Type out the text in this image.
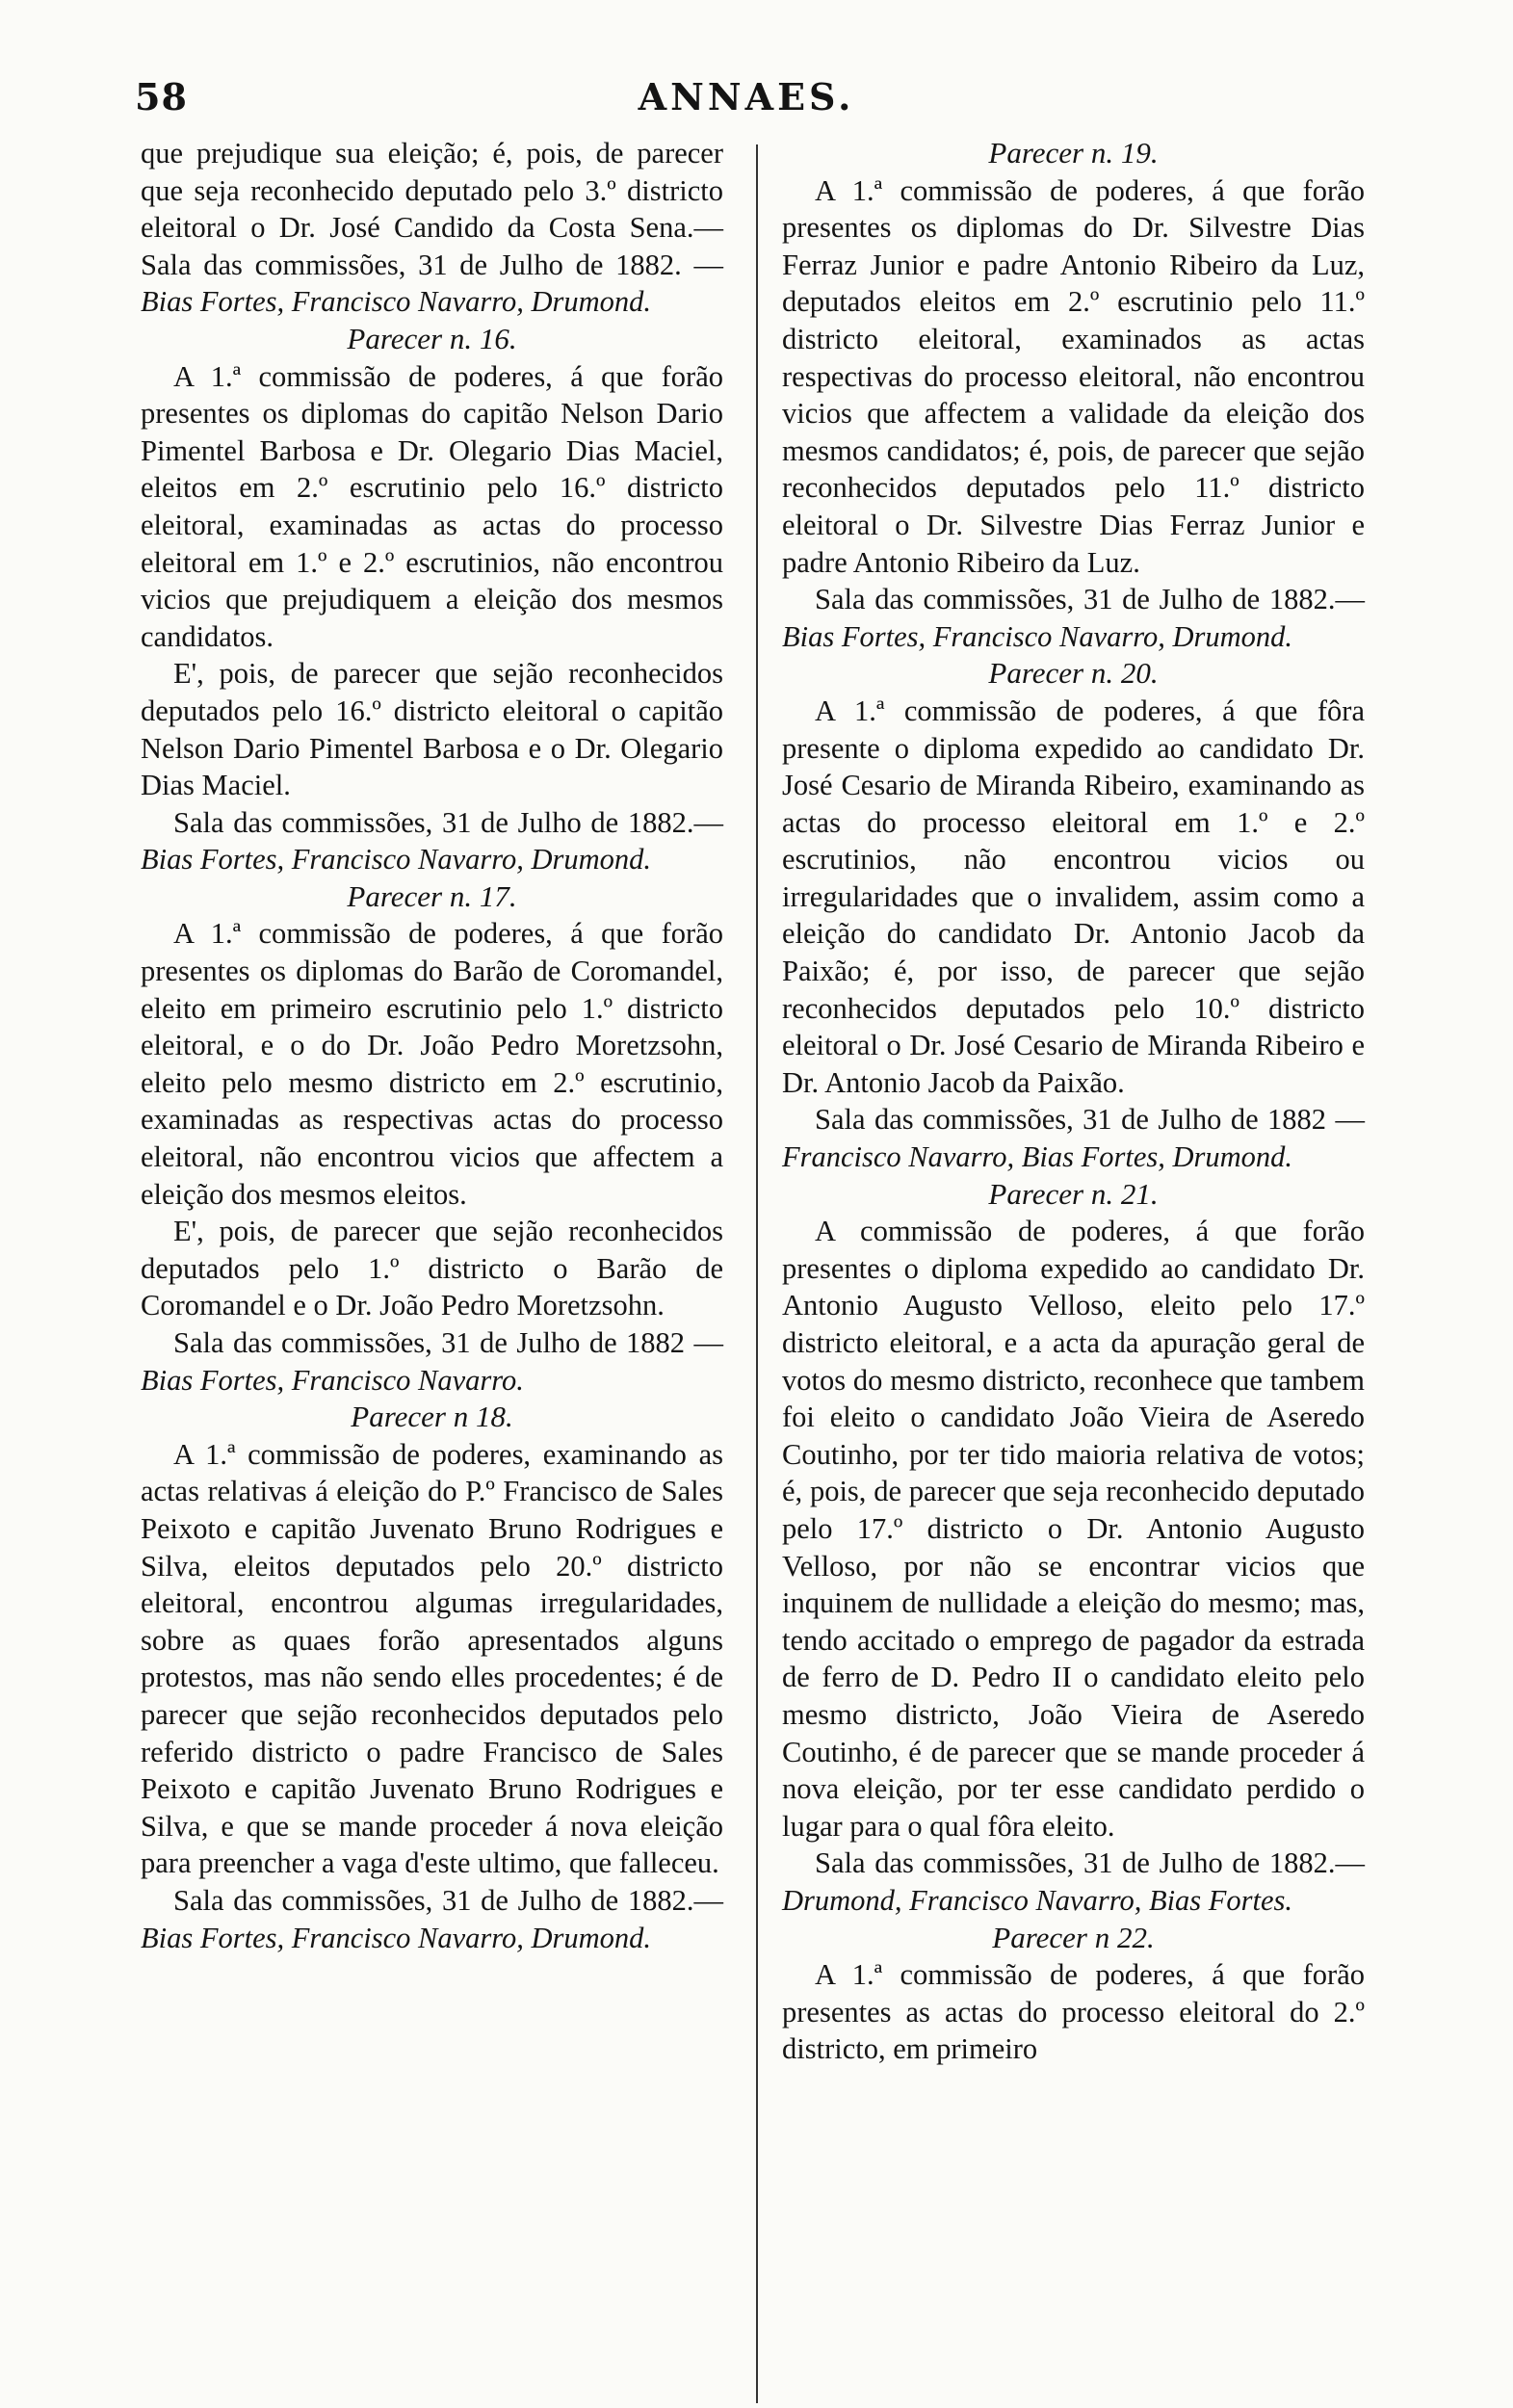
58	ANNAES.

que prejudique sua eleição; é, pois, de parecer que seja reconhecido deputado pelo 3.º districto eleitoral o Dr. José Candido da Costa Sena.—Sala das commissões, 31 de Julho de 1882. — Bias Fortes, Francisco Navarro, Drumond.

Parecer n. 16.

A 1.ª commissão de poderes, á que forão presentes os diplomas do capitão Nelson Dario Pimentel Barbosa e Dr. Olegario Dias Maciel, eleitos em 2.º escrutinio pelo 16.º districto eleitoral, examinadas as actas do processo eleitoral em 1.º e 2.º escrutinios, não encontrou vicios que prejudiquem a eleição dos mesmos candidatos.

E', pois, de parecer que sejão reconhecidos deputados pelo 16.º districto eleitoral o capitão Nelson Dario Pimentel Barbosa e o Dr. Olegario Dias Maciel.

Sala das commissões, 31 de Julho de 1882.—Bias Fortes, Francisco Navarro, Drumond.

Parecer n. 17.

A 1.ª commissão de poderes, á que forão presentes os diplomas do Barão de Coromandel, eleito em primeiro escrutinio pelo 1.º districto eleitoral, e o do Dr. João Pedro Moretzsohn, eleito pelo mesmo districto em 2.º escrutinio, examinadas as respectivas actas do processo eleitoral, não encontrou vicios que affectem a eleição dos mesmos eleitos.

E', pois, de parecer que sejão reconhecidos deputados pelo 1.º districto o Barão de Coromandel e o Dr. João Pedro Moretzsohn.

Sala das commissões, 31 de Julho de 1882 —Bias Fortes, Francisco Navarro.

Parecer n 18.

A 1.ª commissão de poderes, examinando as actas relativas á eleição do P.º Francisco de Sales Peixoto e capitão Juvenato Bruno Rodrigues e Silva, eleitos deputados pelo 20.º districto eleitoral, encontrou algumas irregularidades, sobre as quaes forão apresentados alguns protestos, mas não sendo elles procedentes; é de parecer que sejão reconhecidos deputados pelo referido districto o padre Francisco de Sales Peixoto e capitão Juvenato Bruno Rodrigues e Silva, e que se mande proceder á nova eleição para preencher a vaga d'este ultimo, que falleceu.

Sala das commissões, 31 de Julho de 1882.—Bias Fortes, Francisco Navarro, Drumond.

Parecer n. 19.

A 1.ª commissão de poderes, á que forão presentes os diplomas do Dr. Silvestre Dias Ferraz Junior e padre Antonio Ribeiro da Luz, deputados eleitos em 2.º escrutinio pelo 11.º districto eleitoral, examinados as actas respectivas do processo eleitoral, não encontrou vicios que affectem a validade da eleição dos mesmos candidatos; é, pois, de parecer que sejão reconhecidos deputados pelo 11.º districto eleitoral o Dr. Silvestre Dias Ferraz Junior e padre Antonio Ribeiro da Luz.

Sala das commissões, 31 de Julho de 1882.—Bias Fortes, Francisco Navarro, Drumond.

Parecer n. 20.

A 1.ª commissão de poderes, á que fôra presente o diploma expedido ao candidato Dr. José Cesario de Miranda Ribeiro, examinando as actas do processo eleitoral em 1.º e 2.º escrutinios, não encontrou vicios ou irregularidades que o invalidem, assim como a eleição do candidato Dr. Antonio Jacob da Paixão; é, por isso, de parecer que sejão reconhecidos deputados pelo 10.º districto eleitoral o Dr. José Cesario de Miranda Ribeiro e Dr. Antonio Jacob da Paixão.

Sala das commissões, 31 de Julho de 1882 — Francisco Navarro, Bias Fortes, Drumond.

Parecer n. 21.

A commissão de poderes, á que forão presentes o diploma expedido ao candidato Dr. Antonio Augusto Velloso, eleito pelo 17.º districto eleitoral, e a acta da apuração geral de votos do mesmo districto, reconhece que tambem foi eleito o candidato João Vieira de Aseredo Coutinho, por ter tido maioria relativa de votos; é, pois, de parecer que seja reconhecido deputado pelo 17.º districto o Dr. Antonio Augusto Velloso, por não se encontrar vicios que inquinem de nullidade a eleição do mesmo; mas, tendo accitado o emprego de pagador da estrada de ferro de D. Pedro II o candidato eleito pelo mesmo districto, João Vieira de Aseredo Coutinho, é de parecer que se mande proceder á nova eleição, por ter esse candidato perdido o lugar para o qual fôra eleito.

Sala das commissões, 31 de Julho de 1882.—Drumond, Francisco Navarro, Bias Fortes.

Parecer n 22.

A 1.ª commissão de poderes, á que forão presentes as actas do processo eleitoral do 2.º districto, em primeiro
